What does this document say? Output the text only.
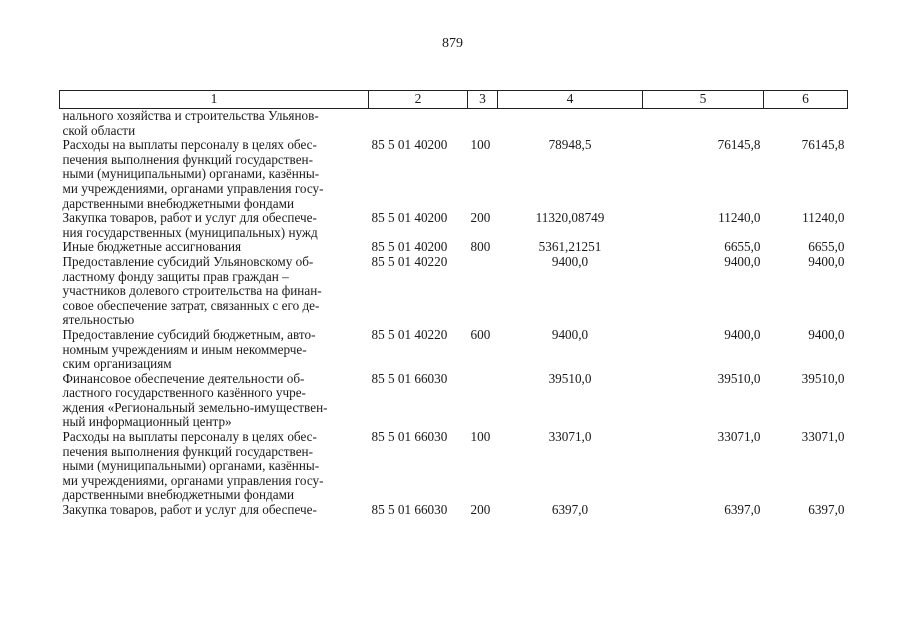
879
1	2	3	4	5	6

нального хозяйства и строительства Ульянов-
ской области					

Расходы на выплаты персоналу в целях обес-
печения выполнения функций государствен-
ными (муниципальными) органами, казённы-
ми учреждениями, органами управления госу-
дарственными внебюджетными фондами	85 5 01 40200	100	78948,5	76145,8	76145,8

Закупка товаров, работ и услуг для обеспече-
ния государственных (муниципальных) нужд	85 5 01 40200	200	11320,08749	11240,0	11240,0

Иные бюджетные ассигнования	85 5 01 40200	800	5361,21251	6655,0	6655,0

Предоставление субсидий Ульяновскому об-
ластному фонду защиты прав граждан –
участников долевого строительства на финан-
совое обеспечение затрат, связанных с его де-
ятельностью	85 5 01 40220		9400,0	9400,0	9400,0

Предоставление субсидий бюджетным, авто-
номным учреждениям и иным некоммерче-
ским организациям	85 5 01 40220	600	9400,0	9400,0	9400,0

Финансовое обеспечение деятельности об-
ластного государственного казённого учре-
ждения «Региональный земельно-имуществен-
ный информационный центр»	85 5 01 66030		39510,0	39510,0	39510,0

Расходы на выплаты персоналу в целях обес-
печения выполнения функций государствен-
ными (муниципальными) органами, казённы-
ми учреждениями, органами управления госу-
дарственными внебюджетными фондами	85 5 01 66030	100	33071,0	33071,0	33071,0

Закупка товаров, работ и услуг для обеспече-	85 5 01 66030	200	6397,0	6397,0	6397,0
